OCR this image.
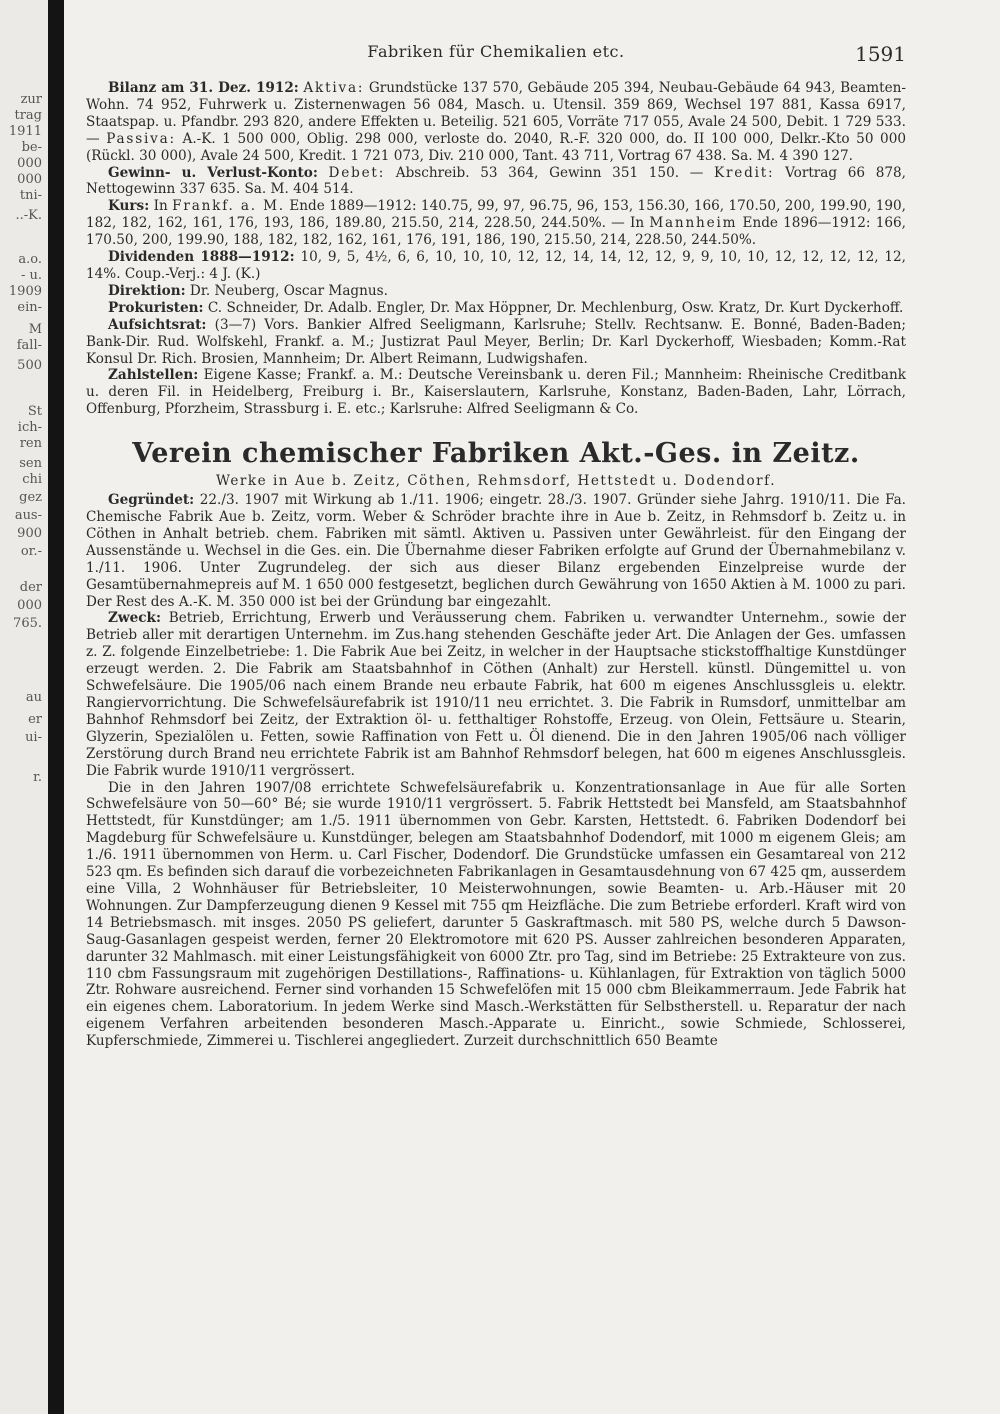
zur
trag
1911
be-
000
000
tni-
..-K.
a.o.
- u.
1909
ein-
M
fall-
500
St
ich-
ren
sen
chi
gez
aus-
900
or.-
der
000
765.
au
er
ui-
r.
Fabriken für Chemikalien etc.	1591

Bilanz am 31. Dez. 1912: Aktiva: Grundstücke 137 570, Gebäude 205 394, Neubau-Gebäude 64 943, Beamten-Wohn. 74 952, Fuhrwerk u. Zisternenwagen 56 084, Masch. u. Utensil. 359 869, Wechsel 197 881, Kassa 6917, Staatspap. u. Pfandbr. 293 820, andere Effekten u. Beteilig. 521 605, Vorräte 717 055, Avale 24 500, Debit. 1 729 533. — Passiva: A.-K. 1 500 000, Oblig. 298 000, verloste do. 2040, R.-F. 320 000, do. II 100 000, Delkr.-Kto 50 000 (Rückl. 30 000), Avale 24 500, Kredit. 1 721 073, Div. 210 000, Tant. 43 711, Vortrag 67 438. Sa. M. 4 390 127.

Gewinn- u. Verlust-Konto: Debet: Abschreib. 53 364, Gewinn 351 150. — Kredit: Vortrag 66 878, Nettogewinn 337 635. Sa. M. 404 514.

Kurs: In Frankf. a. M. Ende 1889—1912: 140.75, 99, 97, 96.75, 96, 153, 156.30, 166, 170.50, 200, 199.90, 190, 182, 182, 162, 161, 176, 193, 186, 189.80, 215.50, 214, 228.50, 244.50%. — In Mannheim Ende 1896—1912: 166, 170.50, 200, 199.90, 188, 182, 182, 162, 161, 176, 191, 186, 190, 215.50, 214, 228.50, 244.50%.

Dividenden 1888—1912: 10, 9, 5, 4½, 6, 6, 10, 10, 10, 12, 12, 14, 14, 12, 12, 9, 9, 10, 10, 12, 12, 12, 12, 12, 14%. Coup.-Verj.: 4 J. (K.)

Direktion: Dr. Neuberg, Oscar Magnus.

Prokuristen: C. Schneider, Dr. Adalb. Engler, Dr. Max Höppner, Dr. Mechlenburg, Osw. Kratz, Dr. Kurt Dyckerhoff.

Aufsichtsrat: (3—7) Vors. Bankier Alfred Seeligmann, Karlsruhe; Stellv. Rechtsanw. E. Bonné, Baden-Baden; Bank-Dir. Rud. Wolfskehl, Frankf. a. M.; Justizrat Paul Meyer, Berlin; Dr. Karl Dyckerhoff, Wiesbaden; Komm.-Rat Konsul Dr. Rich. Brosien, Mannheim; Dr. Albert Reimann, Ludwigshafen.

Zahlstellen: Eigene Kasse; Frankf. a. M.: Deutsche Vereinsbank u. deren Fil.; Mannheim: Rheinische Creditbank u. deren Fil. in Heidelberg, Freiburg i. Br., Kaiserslautern, Karlsruhe, Konstanz, Baden-Baden, Lahr, Lörrach, Offenburg, Pforzheim, Strassburg i. E. etc.; Karlsruhe: Alfred Seeligmann & Co.

Verein chemischer Fabriken Akt.-Ges. in Zeitz.
Werke in Aue b. Zeitz, Cöthen, Rehmsdorf, Hettstedt u. Dodendorf.

Gegründet: 22./3. 1907 mit Wirkung ab 1./11. 1906; eingetr. 28./3. 1907. Gründer siehe Jahrg. 1910/11. Die Fa. Chemische Fabrik Aue b. Zeitz, vorm. Weber & Schröder brachte ihre in Aue b. Zeitz, in Rehmsdorf b. Zeitz u. in Cöthen in Anhalt betrieb. chem. Fabriken mit sämtl. Aktiven u. Passiven unter Gewährleist. für den Eingang der Aussenstände u. Wechsel in die Ges. ein. Die Übernahme dieser Fabriken erfolgte auf Grund der Übernahmebilanz v. 1./11. 1906. Unter Zugrundeleg. der sich aus dieser Bilanz ergebenden Einzelpreise wurde der Gesamtübernahmepreis auf M. 1 650 000 festgesetzt, beglichen durch Gewährung von 1650 Aktien à M. 1000 zu pari. Der Rest des A.-K. M. 350 000 ist bei der Gründung bar eingezahlt.

Zweck: Betrieb, Errichtung, Erwerb und Veräusserung chem. Fabriken u. verwandter Unternehm., sowie der Betrieb aller mit derartigen Unternehm. im Zus.hang stehenden Geschäfte jeder Art. Die Anlagen der Ges. umfassen z. Z. folgende Einzelbetriebe: 1. Die Fabrik Aue bei Zeitz, in welcher in der Hauptsache stickstoffhaltige Kunstdünger erzeugt werden. 2. Die Fabrik am Staatsbahnhof in Cöthen (Anhalt) zur Herstell. künstl. Düngemittel u. von Schwefelsäure. Die 1905/06 nach einem Brande neu erbaute Fabrik, hat 600 m eigenes Anschlussgleis u. elektr. Rangiervorrichtung. Die Schwefelsäurefabrik ist 1910/11 neu errichtet. 3. Die Fabrik in Rumsdorf, unmittelbar am Bahnhof Rehmsdorf bei Zeitz, der Extraktion öl- u. fetthaltiger Rohstoffe, Erzeug. von Olein, Fettsäure u. Stearin, Glyzerin, Spezialölen u. Fetten, sowie Raffination von Fett u. Öl dienend. Die in den Jahren 1905/06 nach völliger Zerstörung durch Brand neu errichtete Fabrik ist am Bahnhof Rehmsdorf belegen, hat 600 m eigenes Anschlussgleis. Die Fabrik wurde 1910/11 vergrössert.

Die in den Jahren 1907/08 errichtete Schwefelsäurefabrik u. Konzentrationsanlage in Aue für alle Sorten Schwefelsäure von 50—60° Bé; sie wurde 1910/11 vergrössert. 5. Fabrik Hettstedt bei Mansfeld, am Staatsbahnhof Hettstedt, für Kunstdünger; am 1./5. 1911 übernommen von Gebr. Karsten, Hettstedt. 6. Fabriken Dodendorf bei Magdeburg für Schwefelsäure u. Kunstdünger, belegen am Staatsbahnhof Dodendorf, mit 1000 m eigenem Gleis; am 1./6. 1911 übernommen von Herm. u. Carl Fischer, Dodendorf. Die Grundstücke umfassen ein Gesamtareal von 212 523 qm. Es befinden sich darauf die vorbezeichneten Fabrikanlagen in Gesamtausdehnung von 67 425 qm, ausserdem eine Villa, 2 Wohnhäuser für Betriebsleiter, 10 Meisterwohnungen, sowie Beamten- u. Arb.-Häuser mit 20 Wohnungen. Zur Dampferzeugung dienen 9 Kessel mit 755 qm Heizfläche. Die zum Betriebe erforderl. Kraft wird von 14 Betriebsmasch. mit insges. 2050 PS geliefert, darunter 5 Gaskraftmasch. mit 580 PS, welche durch 5 Dawson-Saug-Gasanlagen gespeist werden, ferner 20 Elektromotore mit 620 PS. Ausser zahlreichen besonderen Apparaten, darunter 32 Mahlmasch. mit einer Leistungsfähigkeit von 6000 Ztr. pro Tag, sind im Betriebe: 25 Extrakteure von zus. 110 cbm Fassungsraum mit zugehörigen Destillations-, Raffinations- u. Kühlanlagen, für Extraktion von täglich 5000 Ztr. Rohware ausreichend. Ferner sind vorhanden 15 Schwefelöfen mit 15 000 cbm Bleikammerraum. Jede Fabrik hat ein eigenes chem. Laboratorium. In jedem Werke sind Masch.-Werkstätten für Selbstherstell. u. Reparatur der nach eigenem Verfahren arbeitenden besonderen Masch.-Apparate u. Einricht., sowie Schmiede, Schlosserei, Kupferschmiede, Zimmerei u. Tischlerei angegliedert. Zurzeit durchschnittlich 650 Beamte
